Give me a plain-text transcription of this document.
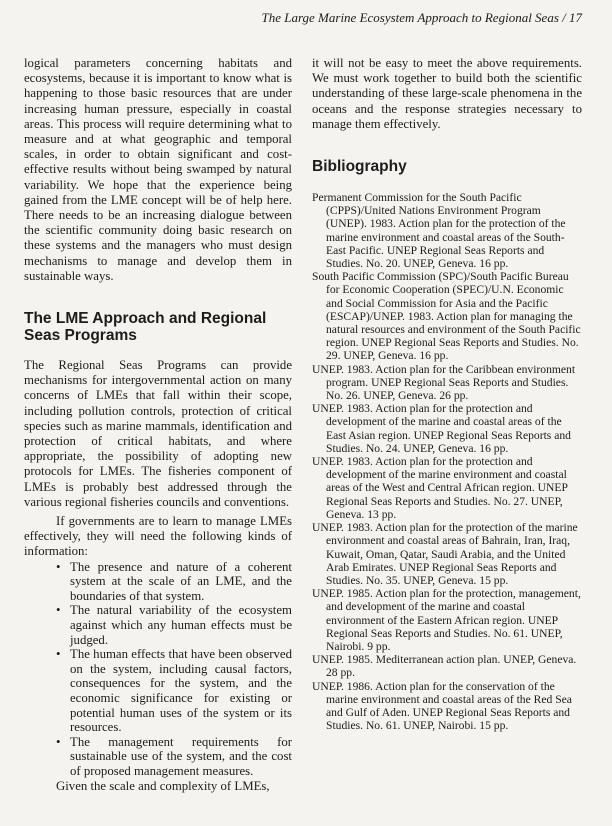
The Large Marine Ecosystem Approach to Regional Seas / 17

logical parameters concerning habitats and ecosystems, because it is important to know what is happening to those basic resources that are under increasing human pressure, especially in coastal areas. This process will require determining what to measure and at what geographic and temporal scales, in order to obtain significant and cost-effective results without being swamped by natural variability. We hope that the experience being gained from the LME concept will be of help here. There needs to be an increasing dialogue between the scientific community doing basic research on these systems and the managers who must design mechanisms to manage and develop them in sustainable ways.

The LME Approach and Regional Seas Programs

The Regional Seas Programs can provide mechanisms for intergovernmental action on many concerns of LMEs that fall within their scope, including pollution controls, protection of critical species such as marine mammals, identification and protection of critical habitats, and where appropriate, the possibility of adopting new protocols for LMEs. The fisheries component of LMEs is probably best addressed through the various regional fisheries councils and conventions.

If governments are to learn to manage LMEs effectively, they will need the following kinds of information:

• The presence and nature of a coherent system at the scale of an LME, and the boundaries of that system.
• The natural variability of the ecosystem against which any human effects must be judged.
• The human effects that have been observed on the system, including causal factors, consequences for the system, and the economic significance for existing or potential human uses of the system or its resources.
• The management requirements for sustainable use of the system, and the cost of proposed management measures.

Given the scale and complexity of LMEs,

it will not be easy to meet the above requirements. We must work together to build both the scientific understanding of these large-scale phenomena in the oceans and the response strategies necessary to manage them effectively.

Bibliography

Permanent Commission for the South Pacific (CPPS)/United Nations Environment Program (UNEP). 1983. Action plan for the protection of the marine environment and coastal areas of the South-East Pacific. UNEP Regional Seas Reports and Studies. No. 20. UNEP, Geneva. 16 pp.

South Pacific Commission (SPC)/South Pacific Bureau for Economic Cooperation (SPEC)/U.N. Economic and Social Commission for Asia and the Pacific (ESCAP)/UNEP. 1983. Action plan for managing the natural resources and environment of the South Pacific region. UNEP Regional Seas Reports and Studies. No. 29. UNEP, Geneva. 16 pp.

UNEP. 1983. Action plan for the Caribbean environment program. UNEP Regional Seas Reports and Studies. No. 26. UNEP, Geneva. 26 pp.

UNEP. 1983. Action plan for the protection and development of the marine and coastal areas of the East Asian region. UNEP Regional Seas Reports and Studies. No. 24. UNEP, Geneva. 16 pp.

UNEP. 1983. Action plan for the protection and development of the marine environment and coastal areas of the West and Central African region. UNEP Regional Seas Reports and Studies. No. 27. UNEP, Geneva. 13 pp.

UNEP. 1983. Action plan for the protection of the marine environment and coastal areas of Bahrain, Iran, Iraq, Kuwait, Oman, Qatar, Saudi Arabia, and the United Arab Emirates. UNEP Regional Seas Reports and Studies. No. 35. UNEP, Geneva. 15 pp.

UNEP. 1985. Action plan for the protection, management, and development of the marine and coastal environment of the Eastern African region. UNEP Regional Seas Reports and Studies. No. 61. UNEP, Nairobi. 9 pp.

UNEP. 1985. Mediterranean action plan. UNEP, Geneva. 28 pp.

UNEP. 1986. Action plan for the conservation of the marine environment and coastal areas of the Red Sea and Gulf of Aden. UNEP Regional Seas Reports and Studies. No. 61. UNEP, Nairobi. 15 pp.
